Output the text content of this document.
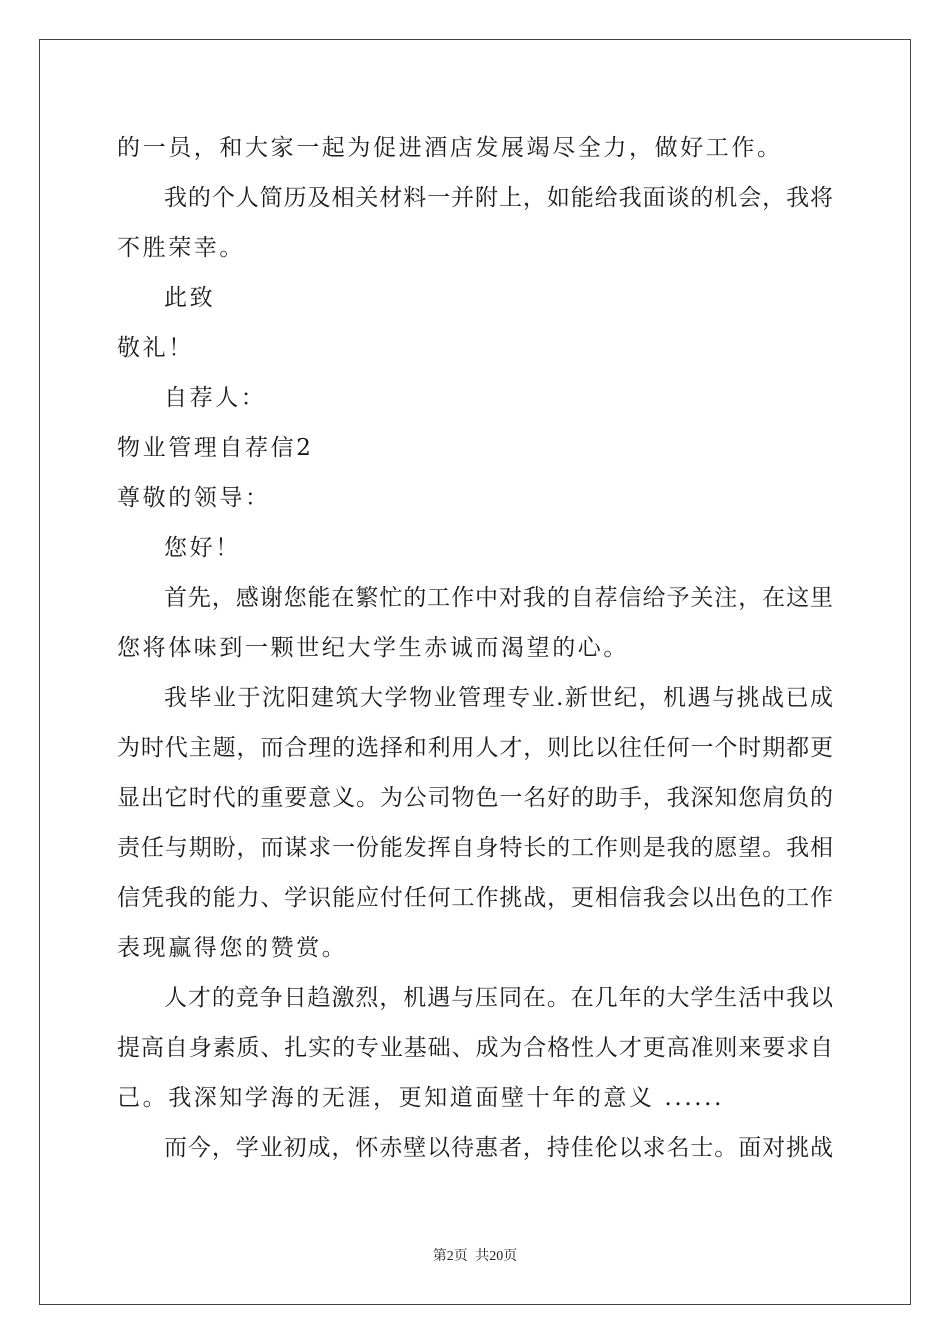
的一员，和大家一起为促进酒店发展竭尽全力，做好工作。
我的个人简历及相关材料一并附上，如能给我面谈的机会，我将
不胜荣幸。
此致
敬礼！
自荐人：
物业管理自荐信2
尊敬的领导：
您好！
首先，感谢您能在繁忙的工作中对我的自荐信给予关注，在这里
您将体味到一颗世纪大学生赤诚而渴望的心。
我毕业于沈阳建筑大学物业管理专业.新世纪，机遇与挑战已成
为时代主题，而合理的选择和利用人才，则比以往任何一个时期都更
显出它时代的重要意义。为公司物色一名好的助手，我深知您肩负的
责任与期盼，而谋求一份能发挥自身特长的工作则是我的愿望。我相
信凭我的能力、学识能应付任何工作挑战，更相信我会以出色的工作
表现赢得您的赞赏。
人才的竞争日趋激烈，机遇与压同在。在几年的大学生活中我以
提高自身素质、扎实的专业基础、成为合格性人才更高准则来要求自
己。我深知学海的无涯，更知道面壁十年的意义 ......
而今，学业初成，怀赤壁以待惠者，持佳伦以求名士。面对挑战
第2页 共20页
